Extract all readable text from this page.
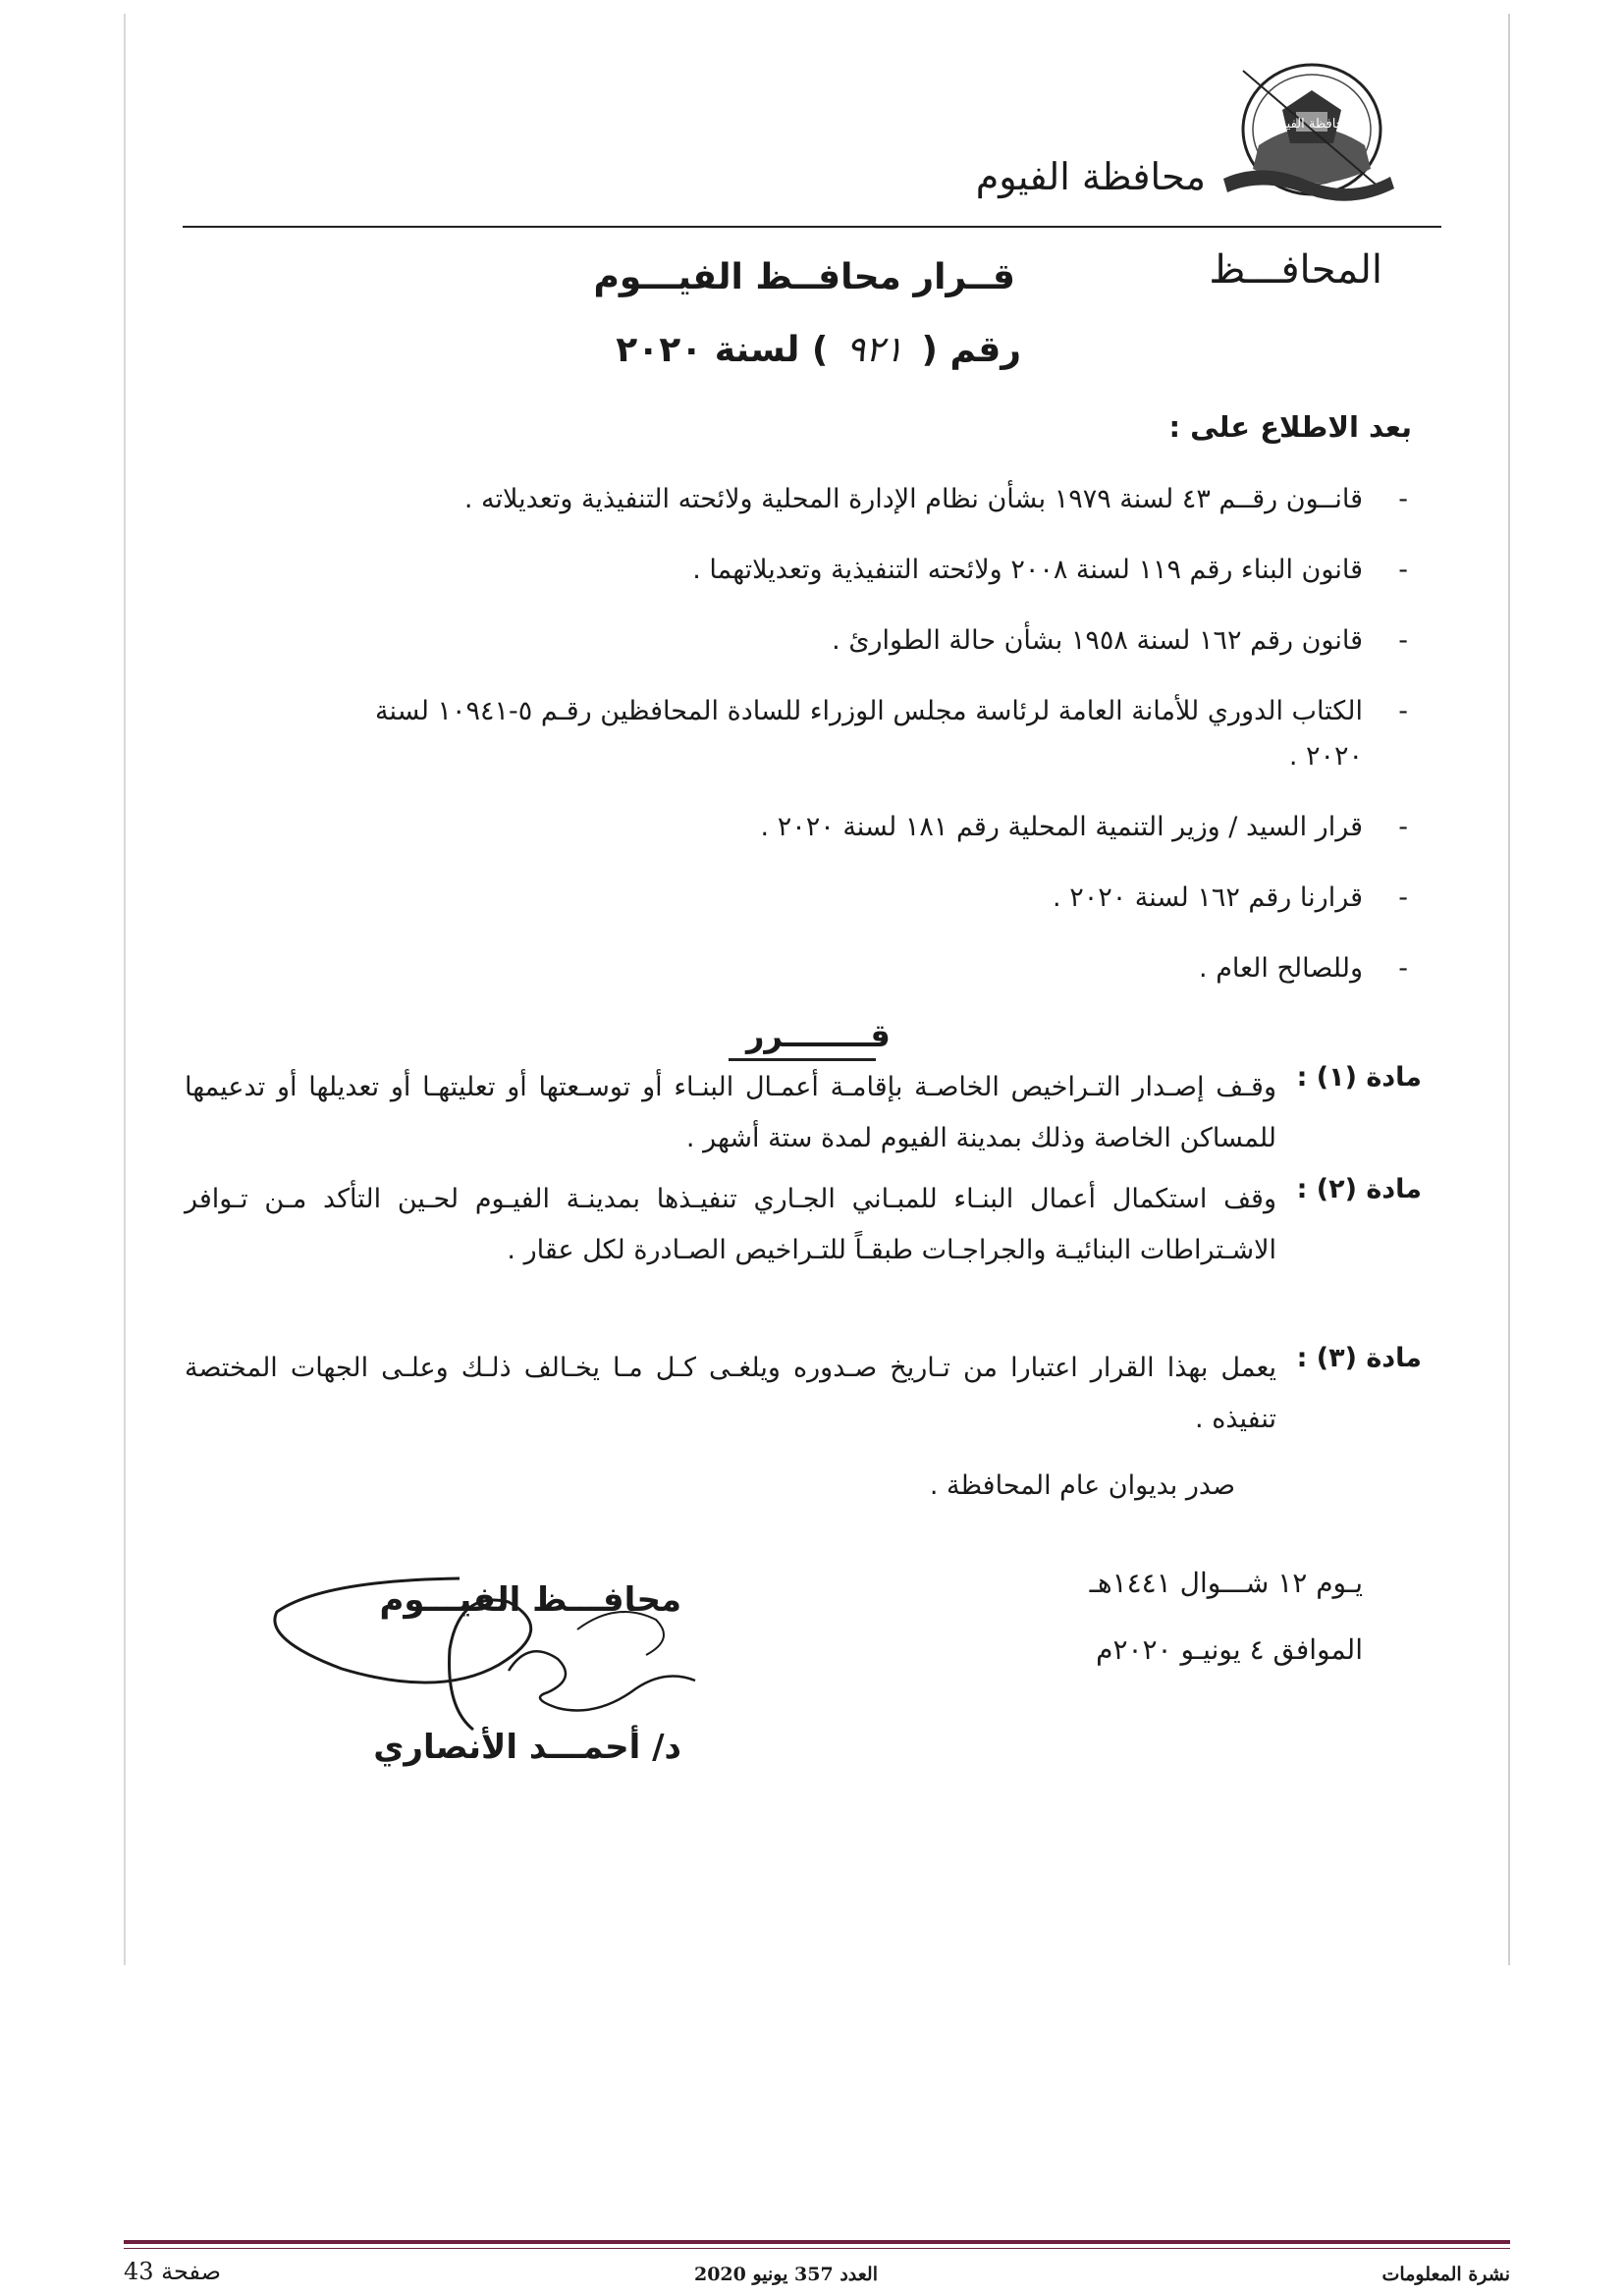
محافظة الفيوم
محافظة الفيوم
المحافـــظ
قــرار محافــظ الفيـــوم
رقم ( ٩٢١ ) لسنة ٢٠٢٠
بعد الاطلاع على :
- قانــون رقــم ٤٣ لسنة ١٩٧٩ بشأن نظام الإدارة المحلية ولائحته التنفيذية وتعديلاته .
- قانون البناء رقم ١١٩ لسنة ٢٠٠٨ ولائحته التنفيذية وتعديلاتهما .
- قانون رقم ١٦٢ لسنة ١٩٥٨ بشأن حالة الطوارئ .
- الكتاب الدوري للأمانة العامة لرئاسة مجلس الوزراء للسادة المحافظين رقـم ٥-١٠٩٤١ لسنة ٢٠٢٠ .
- قرار السيد / وزير التنمية المحلية رقم ١٨١ لسنة ٢٠٢٠ .
- قرارنا رقم ١٦٢ لسنة ٢٠٢٠ .
- وللصالح العام .
قــــــــرر
مادة (١) :
وقـف إصـدار التـراخيص الخاصـة بإقامـة أعمـال البنـاء أو توسـعتها أو تعليتهـا أو تعديلها أو تدعيمها للمساكن الخاصة وذلك بمدينة الفيوم لمدة ستة أشهر .
مادة (٢) :
وقف استكمال أعمال البنـاء للمبـاني الجـاري تنفيـذها بمدينـة الفيـوم لحـين التأكد مـن تـوافر الاشـتراطات البنائيـة والجراجـات طبقـاً للتـراخيص الصـادرة لكل عقار .
مادة (٣) :
يعمل بهذا القرار اعتبارا من تـاريخ صـدوره ويلغـى كـل مـا يخـالف ذلـك وعلـى الجهات المختصة تنفيذه .
صدر بديوان عام المحافظة .
يـوم ١٢ شـــوال ١٤٤١هـ
الموافق ٤ يونيـو ٢٠٢٠م
محافـــظ الفيـــوم
د/ أحمـــد الأنصاري
نشرة المعلومات
العدد 357 يونيو 2020
صفحة 43
